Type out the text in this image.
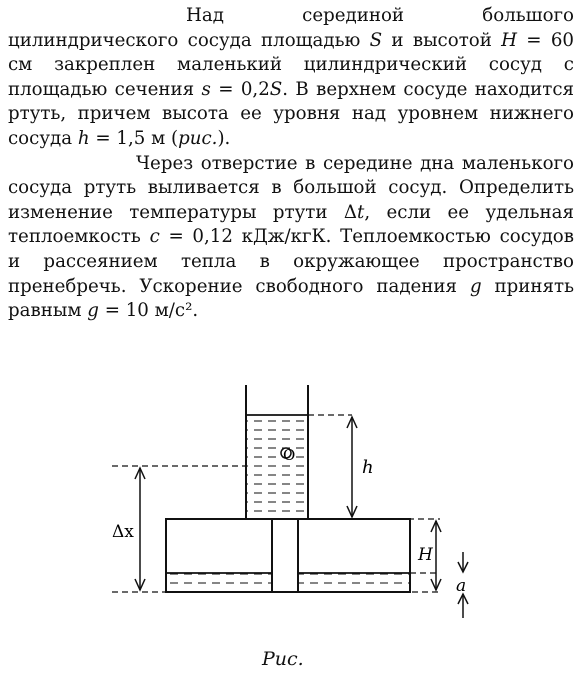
Над серединой большого цилиндрического сосуда площадью S и высотой H = 60 см закреплен маленький цилиндрический сосуд с площадью сечения s = 0,2S. В верхнем сосуде находится ртуть, причем высота ее уровня над уровнем нижнего сосуда h = 1,5 м (рис.).

Через отверстие в середине дна маленького сосуда ртуть выливается в большой сосуд. Определить изменение температуры ртути Δt, если ее удельная теплоемкость c = 0,12 кДж/кгК. Теплоемкостью сосудов и рассеянием тепла в окружающее пространство пренебречь. Ускорение свободного падения g принять равным g = 10 м/с².

O
h
Δx
H
a
Рис.
